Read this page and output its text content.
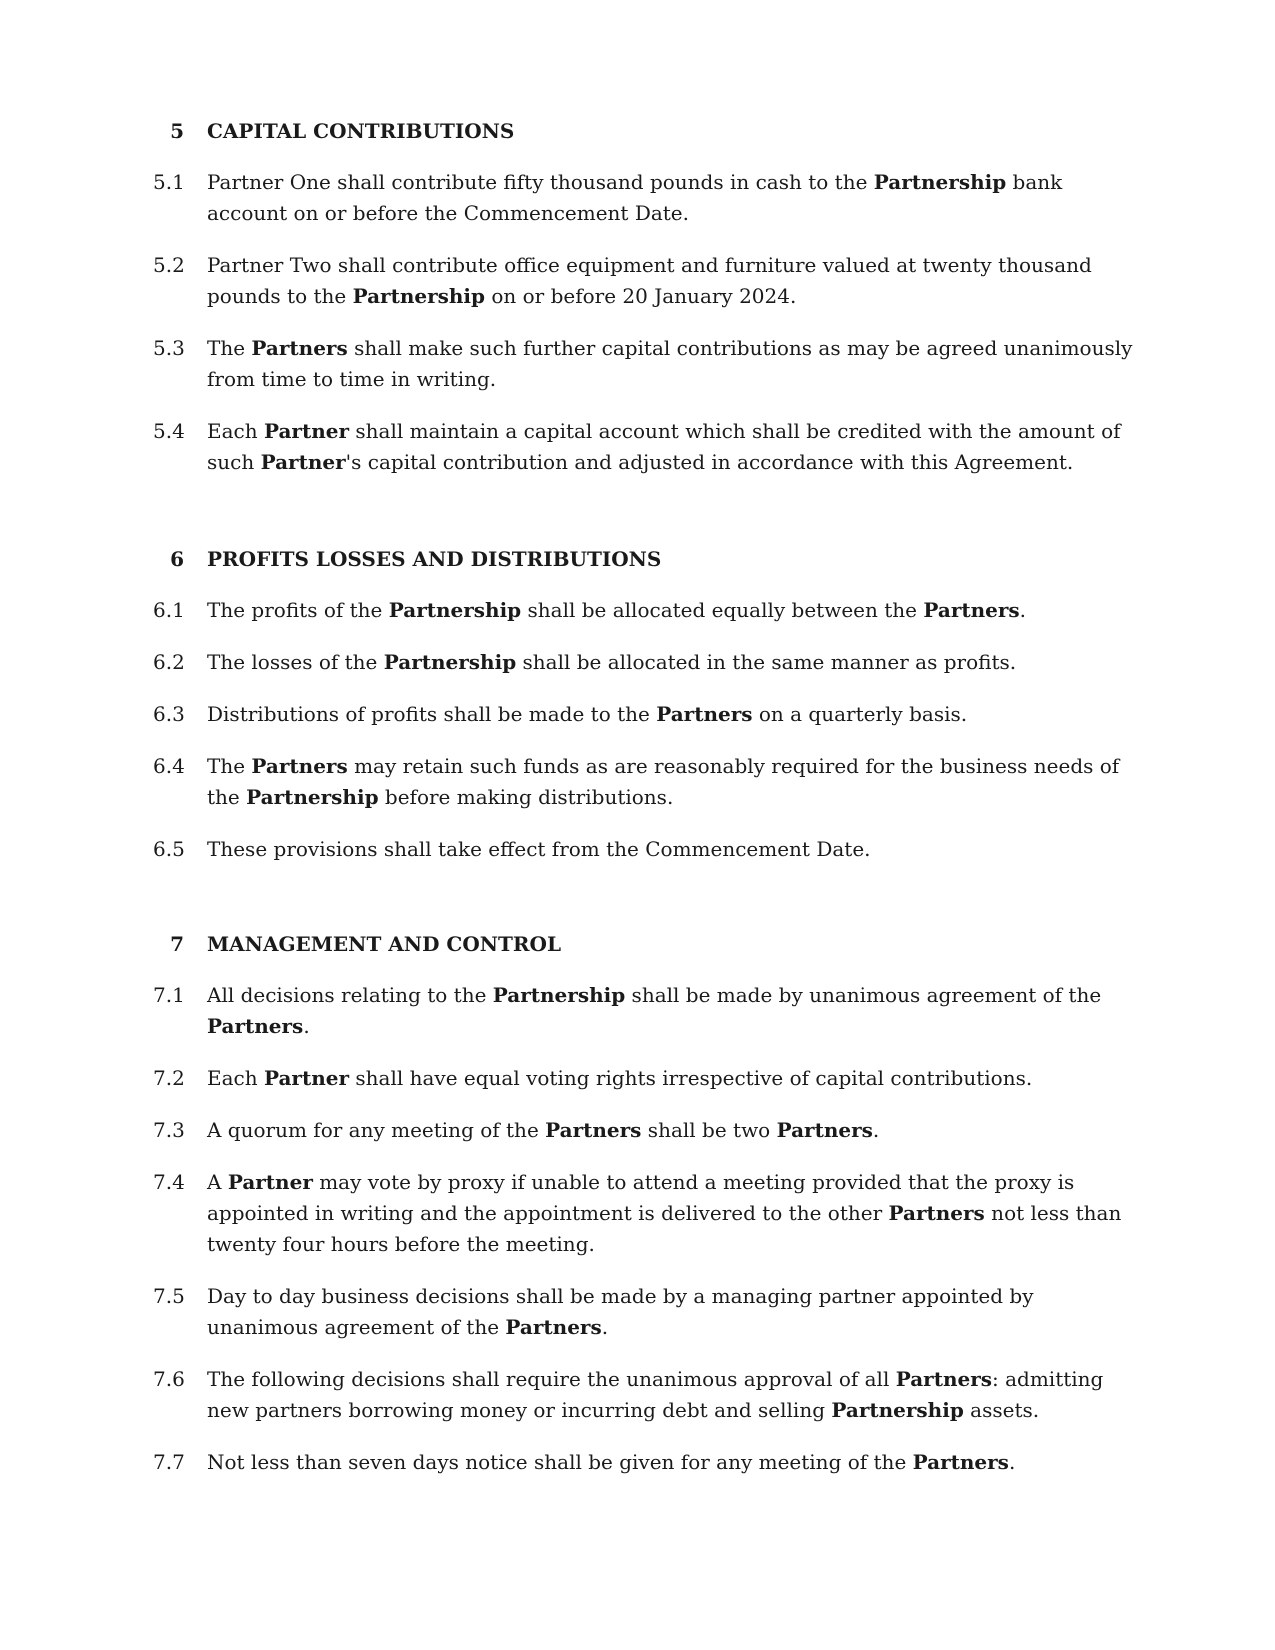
5 CAPITAL CONTRIBUTIONS
5.1	Partner One shall contribute fifty thousand pounds in cash to the Partnership bank account on or before the Commencement Date.
5.2	Partner Two shall contribute office equipment and furniture valued at twenty thousand pounds to the Partnership on or before 20 January 2024.
5.3	The Partners shall make such further capital contributions as may be agreed unanimously from time to time in writing.
5.4	Each Partner shall maintain a capital account which shall be credited with the amount of such Partner's capital contribution and adjusted in accordance with this Agreement.
6 PROFITS LOSSES AND DISTRIBUTIONS
6.1	The profits of the Partnership shall be allocated equally between the Partners.
6.2	The losses of the Partnership shall be allocated in the same manner as profits.
6.3	Distributions of profits shall be made to the Partners on a quarterly basis.
6.4	The Partners may retain such funds as are reasonably required for the business needs of the Partnership before making distributions.
6.5	These provisions shall take effect from the Commencement Date.
7 MANAGEMENT AND CONTROL
7.1	All decisions relating to the Partnership shall be made by unanimous agreement of the Partners.
7.2	Each Partner shall have equal voting rights irrespective of capital contributions.
7.3	A quorum for any meeting of the Partners shall be two Partners.
7.4	A Partner may vote by proxy if unable to attend a meeting provided that the proxy is appointed in writing and the appointment is delivered to the other Partners not less than twenty four hours before the meeting.
7.5	Day to day business decisions shall be made by a managing partner appointed by unanimous agreement of the Partners.
7.6	The following decisions shall require the unanimous approval of all Partners: admitting new partners borrowing money or incurring debt and selling Partnership assets.
7.7	Not less than seven days notice shall be given for any meeting of the Partners.
